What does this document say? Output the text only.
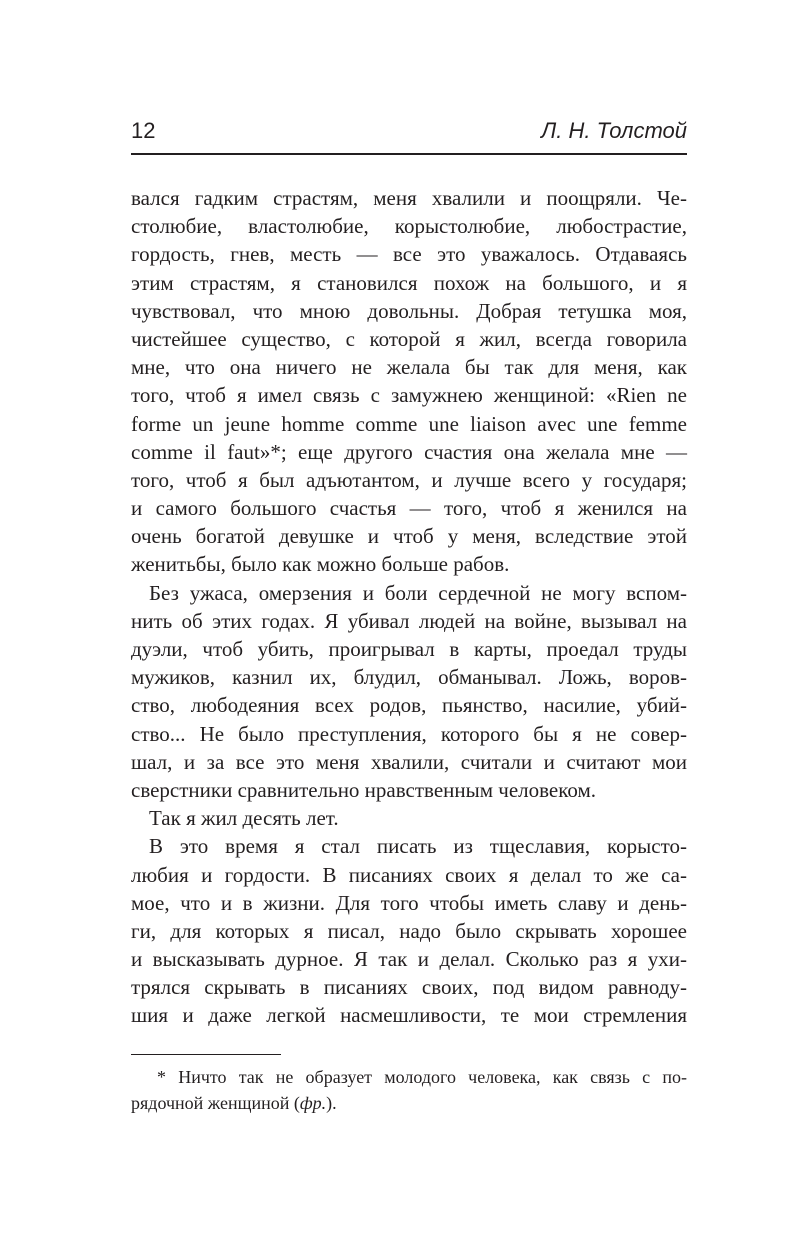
12	Л. Н. Толстой
вался гадким страстям, меня хвалили и поощряли. Че-
столюбие, властолюбие, корыстолюбие, любострастие,
гордость, гнев, месть — все это уважалось. Отдаваясь
этим страстям, я становился похож на большого, и я
чувствовал, что мною довольны. Добрая тетушка моя,
чистейшее существо, с которой я жил, всегда говорила
мне, что она ничего не желала бы так для меня, как
того, чтоб я имел связь с замужнею женщиной: «Rien ne
forme un jeune homme comme une liaison avec une femme
comme il faut»*; еще другого счастия она желала мне —
того, чтоб я был адъютантом, и лучше всего у государя;
и самого большого счастья — того, чтоб я женился на
очень богатой девушке и чтоб у меня, вследствие этой
женитьбы, было как можно больше рабов.
Без ужаса, омерзения и боли сердечной не могу вспом-
нить об этих годах. Я убивал людей на войне, вызывал на
дуэли, чтоб убить, проигрывал в карты, проедал труды
мужиков, казнил их, блудил, обманывал. Ложь, воров-
ство, любодеяния всех родов, пьянство, насилие, убий-
ство... Не было преступления, которого бы я не совер-
шал, и за все это меня хвалили, считали и считают мои
сверстники сравнительно нравственным человеком.
Так я жил десять лет.
В это время я стал писать из тщеславия, корысто-
любия и гордости. В писаниях своих я делал то же са-
мое, что и в жизни. Для того чтобы иметь славу и день-
ги, для которых я писал, надо было скрывать хорошее
и высказывать дурное. Я так и делал. Сколько раз я ухи-
трялся скрывать в писаниях своих, под видом равноду-
шия и даже легкой насмешливости, те мои стремления
* Ничто так не образует молодого человека, как связь с по-
рядочной женщиной (фр.).
